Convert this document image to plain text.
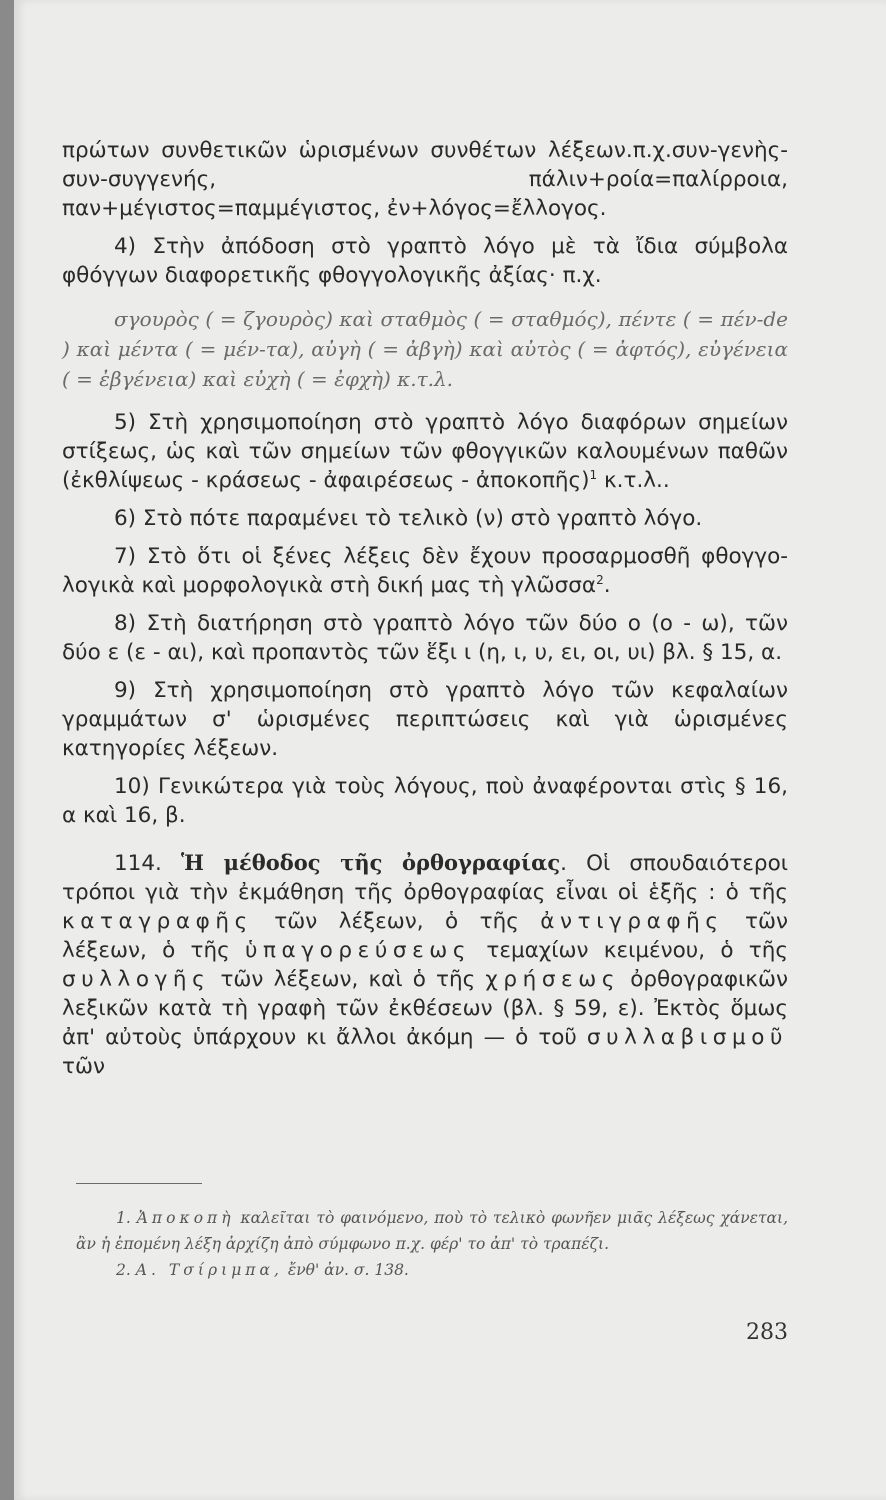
πρώτων συνθετικῶν ὡρισμένων συνθέτων λέξεων.π.χ.συν-γενὴς-συν-συγγενής, πάλιν+ροία=παλίρροια, παν+μέγιστος=παμμέγιστος, ἐν+λόγος=ἔλλογος.

4) Στὴν ἀπόδοση στὸ γραπτὸ λόγο μὲ τὰ ἴδια σύμβολα φθόγγων διαφορετικῆς φθογγολογικῆς ἀξίας· π.χ.

σγουρὸς ( = ζγουρὸς) καὶ σταθμὸς ( = σταθμός), πέντε ( = πέν-de ) καὶ μέντα ( = μέν-τα), αὐγὴ ( = ἀβγὴ) καὶ αὐτὸς ( = ἀφτός), εὐγένεια ( = ἐβγένεια) καὶ εὐχὴ ( = ἐφχὴ) κ.τ.λ.

5) Στὴ χρησιμοποίηση στὸ γραπτὸ λόγο διαφόρων σημείων στίξεως, ὡς καὶ τῶν σημείων τῶν φθογγικῶν καλουμένων παθῶν (ἐκθλίψεως - κράσεως - ἀφαιρέσεως - ἀποκοπῆς)$^1$ κ.τ.λ..

6) Στὸ πότε παραμένει τὸ τελικὸ (ν) στὸ γραπτὸ λόγο.

7) Στὸ ὅτι οἱ ξένες λέξεις δὲν ἔχουν προσαρμοσθῆ φθογγο-λογικὰ καὶ μορφολογικὰ στὴ δική μας τὴ γλῶσσα$^2$.

8) Στὴ διατήρηση στὸ γραπτὸ λόγο τῶν δύο ο (ο - ω), τῶν δύο ε (ε - αι), καὶ προπαντὸς τῶν ἕξι ι (η, ι, υ, ει, οι, υι) βλ. § 15, α.

9) Στὴ χρησιμοποίηση στὸ γραπτὸ λόγο τῶν κεφαλαίων γραμμάτων σ' ὡρισμένες περιπτώσεις καὶ γιὰ ὡρισμένες κατηγορίες λέξεων.

10) Γενικώτερα γιὰ τοὺς λόγους, ποὺ ἀναφέρονται στὶς § 16, α καὶ 16, β.

114. Ἡ μέθοδος τῆς ὀρθογραφίας. Οἱ σπουδαιότεροι τρόποι γιὰ τὴν ἐκμάθηση τῆς ὀρθογραφίας εἶναι οἱ ἑξῆς : ὁ τῆς καταγραφῆς τῶν λέξεων, ὁ τῆς ἀντιγραφῆς τῶν λέξεων, ὁ τῆς ὑπαγορεύσεως τεμαχίων κειμένου, ὁ τῆς συλλογῆς τῶν λέξεων, καὶ ὁ τῆς χρήσεως ὀρθογραφικῶν λεξικῶν κατὰ τὴ γραφὴ τῶν ἐκθέσεων (βλ. § 59, ε). Ἐκτὸς ὅμως ἀπ' αὐτοὺς ὑπάρχουν κι ἄλλοι ἀκόμη — ὁ τοῦ συλλαβισμοῦ τῶν

1. Ἀποκοπὴ καλεῖται τὸ φαινόμενο, ποὺ τὸ τελικὸ φωνῆεν μιᾶς λέξεως χάνεται, ἂν ἡ ἑπομένη λέξη ἀρχίζη ἀπὸ σύμφωνο π.χ. φέρ' το ἀπ' τὸ τραπέζι.

2. Α. Τσίριμπα, ἔνθ' ἀν. σ. 138.

283
